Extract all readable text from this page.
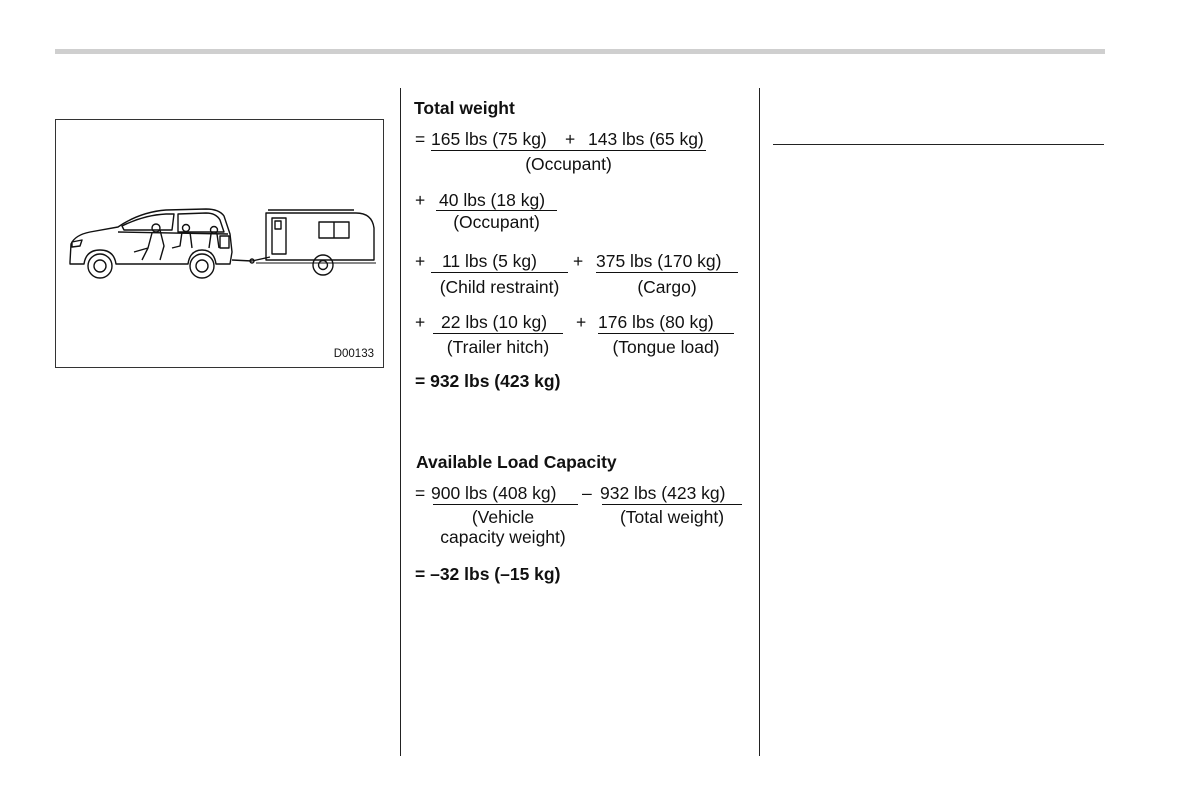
D00133
Total weight
= 165 lbs (75 kg) + 143 lbs (65 kg)
(Occupant)
+ 40 lbs (18 kg)
(Occupant)
+ 11 lbs (5 kg) + 375 lbs (170 kg)
(Child restraint)	(Cargo)
+ 22 lbs (10 kg) + 176 lbs (80 kg)
(Trailer hitch)	(Tongue load)
= 932 lbs (423 kg)
Available Load Capacity
= 900 lbs (408 kg) – 932 lbs (423 kg)
(Vehicle
capacity weight)
(Total weight)
= –32 lbs (–15 kg)
